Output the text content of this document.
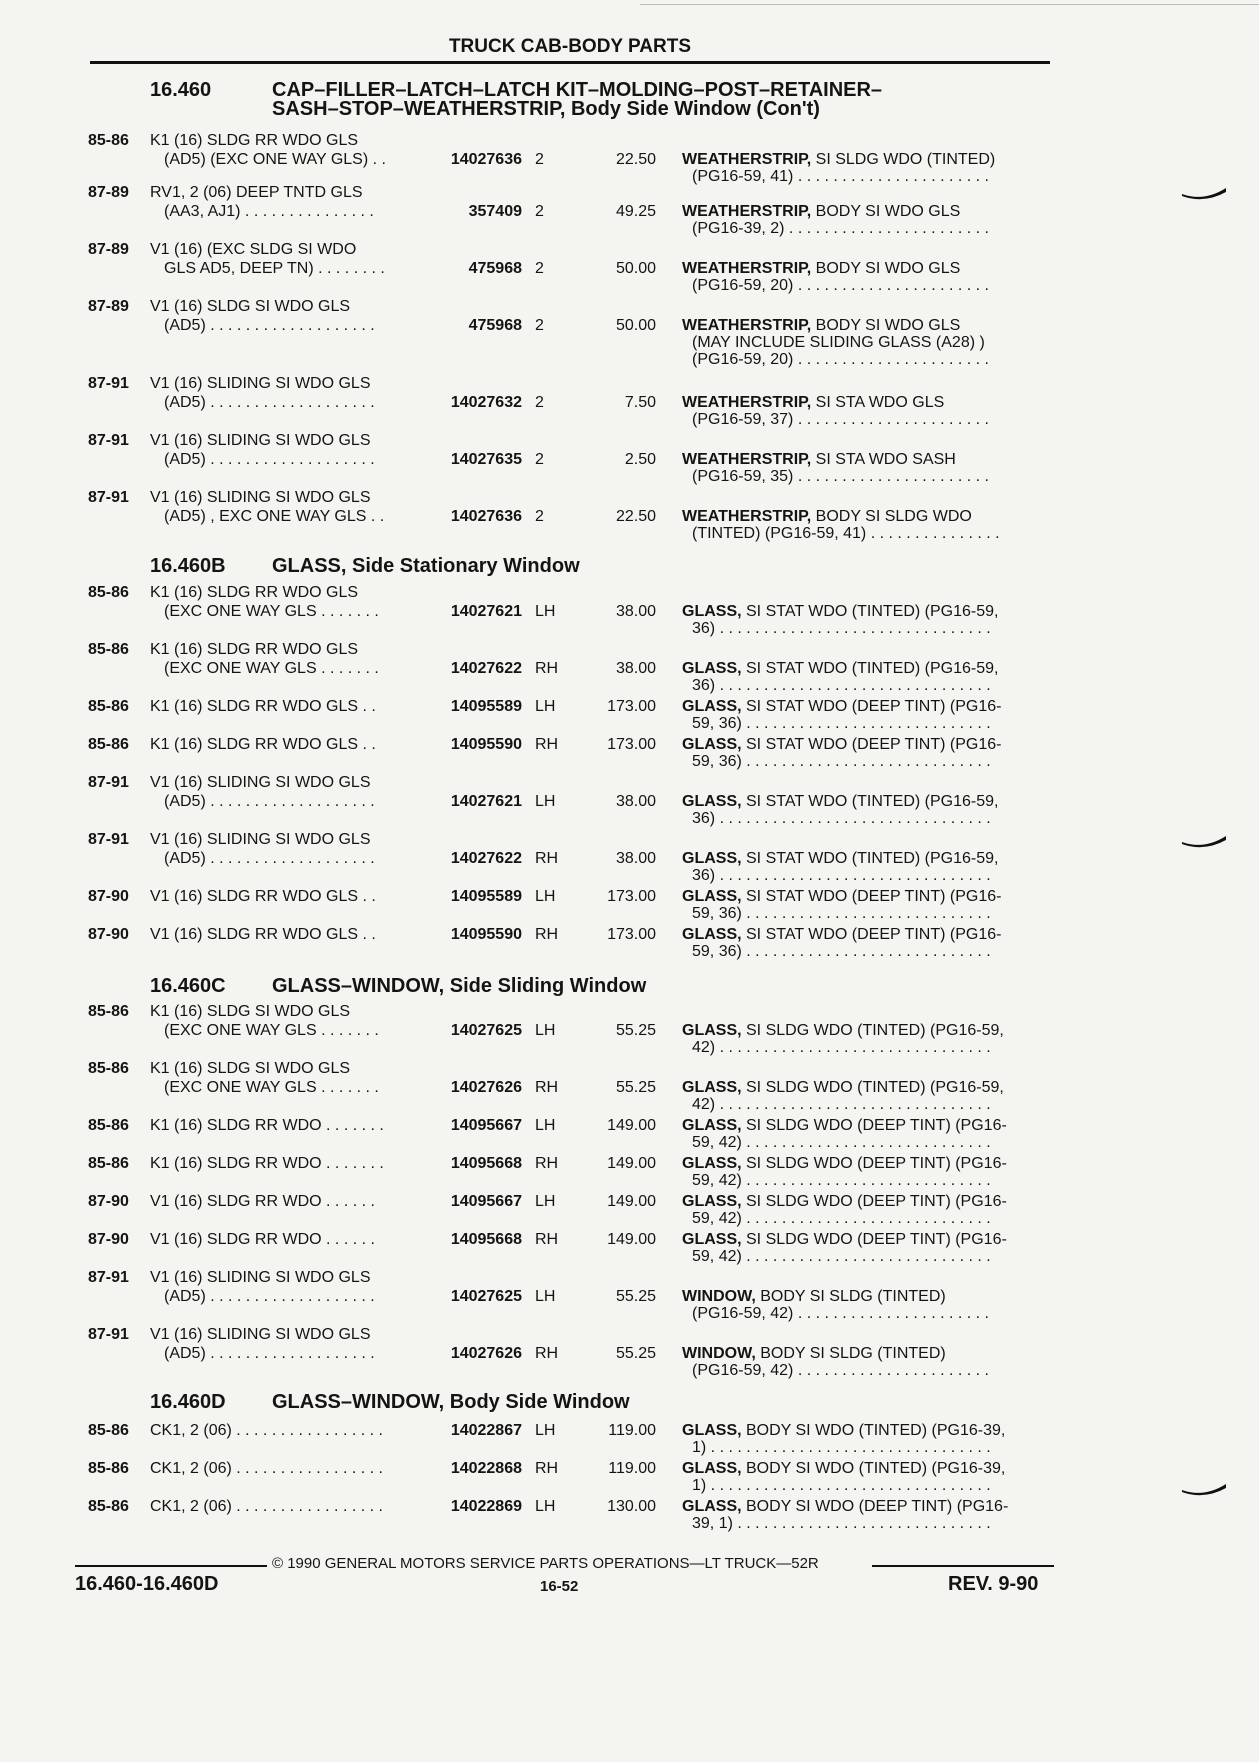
TRUCK CAB-BODY PARTS
16.460	CAP–FILLER–LATCH–LATCH KIT–MOLDING–POST–RETAINER–
SASH–STOP–WEATHERSTRIP, Body Side Window (Con't)
85-86 K1 (16) SLDG RR WDO GLS
(AD5) (EXC ONE WAY GLS) . .	14027636 2	22.50 WEATHERSTRIP, SI SLDG WDO (TINTED)
(PG16-59, 41) . . . . . . . . . . . . . . . . . . . . . .
87-89 RV1, 2 (06) DEEP TNTD GLS
(AA3, AJ1) . . . . . . . . . . . . . . .	357409 2	49.25 WEATHERSTRIP, BODY SI WDO GLS
(PG16-39, 2) . . . . . . . . . . . . . . . . . . . . . . .
87-89 V1 (16) (EXC SLDG SI WDO
GLS AD5, DEEP TN) . . . . . . . .	475968 2	50.00 WEATHERSTRIP, BODY SI WDO GLS
(PG16-59, 20) . . . . . . . . . . . . . . . . . . . . . .
87-89 V1 (16) SLDG SI WDO GLS
(AD5) . . . . . . . . . . . . . . . . . . .	475968 2	50.00 WEATHERSTRIP, BODY SI WDO GLS
(MAY INCLUDE SLIDING GLASS (A28) )
(PG16-59, 20) . . . . . . . . . . . . . . . . . . . . . .
87-91 V1 (16) SLIDING SI WDO GLS
(AD5) . . . . . . . . . . . . . . . . . . .	14027632 2	7.50 WEATHERSTRIP, SI STA WDO GLS
(PG16-59, 37) . . . . . . . . . . . . . . . . . . . . . .
87-91 V1 (16) SLIDING SI WDO GLS
(AD5) . . . . . . . . . . . . . . . . . . .	14027635 2	2.50 WEATHERSTRIP, SI STA WDO SASH
(PG16-59, 35) . . . . . . . . . . . . . . . . . . . . . .
87-91 V1 (16) SLIDING SI WDO GLS
(AD5) , EXC ONE WAY GLS . .	14027636 2	22.50 WEATHERSTRIP, BODY SI SLDG WDO
(TINTED) (PG16-59, 41) . . . . . . . . . . . . . . .
16.460B GLASS, Side Stationary Window
85-86 K1 (16) SLDG RR WDO GLS
(EXC ONE WAY GLS . . . . . . .	14027621 LH	38.00 GLASS, SI STAT WDO (TINTED) (PG16-59,
36) . . . . . . . . . . . . . . . . . . . . . . . . . . . . . . .
85-86 K1 (16) SLDG RR WDO GLS
(EXC ONE WAY GLS . . . . . . .	14027622 RH	38.00 GLASS, SI STAT WDO (TINTED) (PG16-59,
36) . . . . . . . . . . . . . . . . . . . . . . . . . . . . . . .
85-86 K1 (16) SLDG RR WDO GLS . .	14095589 LH	173.00 GLASS, SI STAT WDO (DEEP TINT) (PG16-
59, 36) . . . . . . . . . . . . . . . . . . . . . . . . . . . .
85-86 K1 (16) SLDG RR WDO GLS . .	14095590 RH	173.00 GLASS, SI STAT WDO (DEEP TINT) (PG16-
59, 36) . . . . . . . . . . . . . . . . . . . . . . . . . . . .
87-91 V1 (16) SLIDING SI WDO GLS
(AD5) . . . . . . . . . . . . . . . . . . .	14027621 LH	38.00 GLASS, SI STAT WDO (TINTED) (PG16-59,
36) . . . . . . . . . . . . . . . . . . . . . . . . . . . . . . .
87-91 V1 (16) SLIDING SI WDO GLS
(AD5) . . . . . . . . . . . . . . . . . . .	14027622 RH	38.00 GLASS, SI STAT WDO (TINTED) (PG16-59,
36) . . . . . . . . . . . . . . . . . . . . . . . . . . . . . . .
87-90 V1 (16) SLDG RR WDO GLS . .	14095589 LH	173.00 GLASS, SI STAT WDO (DEEP TINT) (PG16-
59, 36) . . . . . . . . . . . . . . . . . . . . . . . . . . . .
87-90 V1 (16) SLDG RR WDO GLS . .	14095590 RH	173.00 GLASS, SI STAT WDO (DEEP TINT) (PG16-
59, 36) . . . . . . . . . . . . . . . . . . . . . . . . . . . .
16.460C GLASS–WINDOW, Side Sliding Window
85-86 K1 (16) SLDG SI WDO GLS
(EXC ONE WAY GLS . . . . . . .	14027625 LH	55.25 GLASS, SI SLDG WDO (TINTED) (PG16-59,
42) . . . . . . . . . . . . . . . . . . . . . . . . . . . . . . .
85-86 K1 (16) SLDG SI WDO GLS
(EXC ONE WAY GLS . . . . . . .	14027626 RH	55.25 GLASS, SI SLDG WDO (TINTED) (PG16-59,
42) . . . . . . . . . . . . . . . . . . . . . . . . . . . . . . .
85-86 K1 (16) SLDG RR WDO . . . . . . .	14095667 LH	149.00 GLASS, SI SLDG WDO (DEEP TINT) (PG16-
59, 42) . . . . . . . . . . . . . . . . . . . . . . . . . . . .
85-86 K1 (16) SLDG RR WDO . . . . . . .	14095668 RH	149.00 GLASS, SI SLDG WDO (DEEP TINT) (PG16-
59, 42) . . . . . . . . . . . . . . . . . . . . . . . . . . . .
87-90 V1 (16) SLDG RR WDO . . . . . .	14095667 LH	149.00 GLASS, SI SLDG WDO (DEEP TINT) (PG16-
59, 42) . . . . . . . . . . . . . . . . . . . . . . . . . . . .
87-90 V1 (16) SLDG RR WDO . . . . . .	14095668 RH	149.00 GLASS, SI SLDG WDO (DEEP TINT) (PG16-
59, 42) . . . . . . . . . . . . . . . . . . . . . . . . . . . .
87-91 V1 (16) SLIDING SI WDO GLS
(AD5) . . . . . . . . . . . . . . . . . . .	14027625 LH	55.25 WINDOW, BODY SI SLDG (TINTED)
(PG16-59, 42) . . . . . . . . . . . . . . . . . . . . . .
87-91 V1 (16) SLIDING SI WDO GLS
(AD5) . . . . . . . . . . . . . . . . . . .	14027626 RH	55.25 WINDOW, BODY SI SLDG (TINTED)
(PG16-59, 42) . . . . . . . . . . . . . . . . . . . . . .
16.460D GLASS–WINDOW, Body Side Window
85-86 CK1, 2 (06) . . . . . . . . . . . . . . . . .	14022867 LH	119.00 GLASS, BODY SI WDO (TINTED) (PG16-39,
1) . . . . . . . . . . . . . . . . . . . . . . . . . . . . . . . .
85-86 CK1, 2 (06) . . . . . . . . . . . . . . . . .	14022868 RH	119.00 GLASS, BODY SI WDO (TINTED) (PG16-39,
1) . . . . . . . . . . . . . . . . . . . . . . . . . . . . . . . .
85-86 CK1, 2 (06) . . . . . . . . . . . . . . . . .	14022869 LH	130.00 GLASS, BODY SI WDO (DEEP TINT) (PG16-
39, 1) . . . . . . . . . . . . . . . . . . . . . . . . . . . . .
© 1990 GENERAL MOTORS SERVICE PARTS OPERATIONS—LT TRUCK—52R
16.460-16.460D	16-52	REV. 9-90
